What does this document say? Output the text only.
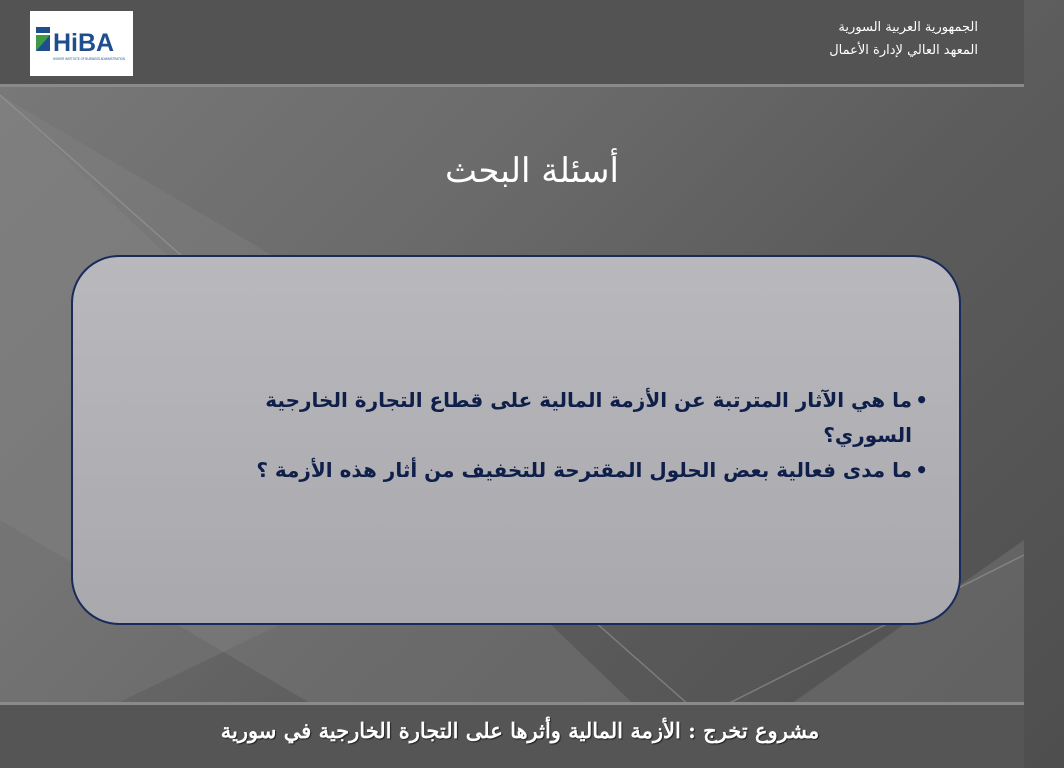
HiBA
HIGHER INSTITUTE OF BUSINESS ADMINISTRATION
الجمهورية العربية السورية
المعهد العالي لإدارة الأعمال
أسئلة البحث
•
ما هي الآثار المترتبة عن الأزمة المالية على قطاع التجارة الخارجية السوري؟
•
ما مدى فعالية بعض الحلول المقترحة للتخفيف من أثار هذه الأزمة ؟
مشروع تخرج : الأزمة المالية وأثرها على التجارة الخارجية في سورية
